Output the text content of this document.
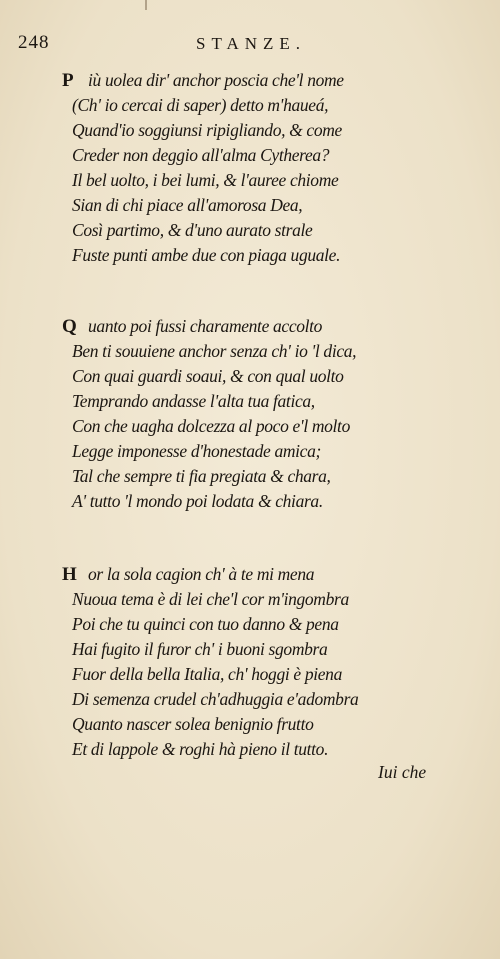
248	STANZE.
P iù uolea dir' anchor poscia che'l nome
(Ch' io cercai di saper) detto m'haueá,
Quand'io soggiunsi ripigliando, & come
Creder non deggio all'alma Cytherea?
Il bel uolto, i bei lumi, & l'auree chiome
Sian di chi piace all'amorosa Dea,
Così partimo, & d'uno aurato strale
Fuste punti ambe due con piaga uguale.
Q uanto poi fussi charamente accolto
Ben ti souuiene anchor senza ch' io 'l dica,
Con quai guardi soaui, & con qual uolto
Temprando andasse l'alta tua fatica,
Con che uagha dolcezza al poco e'l molto
Legge imponesse d'honestade amica;
Tal che sempre ti fia pregiata & chara,
A' tutto 'l mondo poi lodata & chiara.
H or la sola cagion ch' à te mi mena
Nuoua tema è di lei che'l cor m'ingombra
Poi che tu quinci con tuo danno & pena
Hai fugito il furor ch' i buoni sgombra
Fuor della bella Italia, ch' hoggi è piena
Di semenza crudel ch'adhuggia e'adombra
Quanto nascer solea benignio frutto
Et di lappole & roghi hà pieno il tutto.
Iui che
